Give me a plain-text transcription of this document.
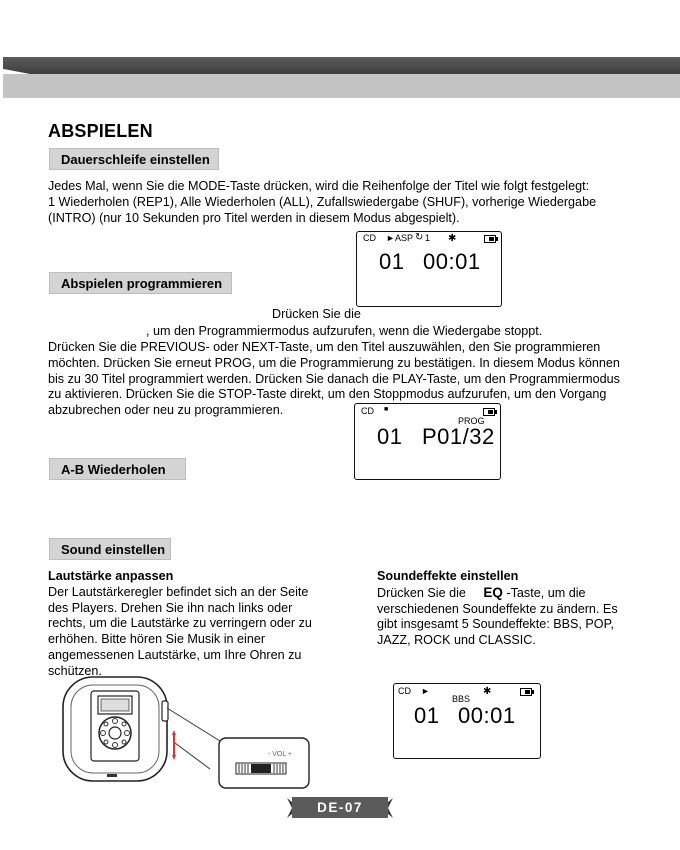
ABSPIELEN
Dauerschleife einstellen
Jedes Mal, wenn Sie die MODE-Taste drücken, wird die Reihenfolge der Titel wie folgt festgelegt:
1 Wiederholen (REP1), Alle Wiederholen (ALL), Zufallswiedergabe (SHUF), vorherige Wiedergabe
(INTRO) (nur 10 Sekunden pro Titel werden in diesem Modus abgespielt).
CD ► ASP ↻ 1 ✱
01 00:01
Abspielen programmieren
Drücken Sie die
, um den Programmiermodus aufzurufen, wenn die Wiedergabe stoppt.
Drücken Sie die PREVIOUS- oder NEXT-Taste, um den Titel auszuwählen, den Sie programmieren
möchten. Drücken Sie erneut PROG, um die Programmierung zu bestätigen. In diesem Modus können
bis zu 30 Titel programmiert werden. Drücken Sie danach die PLAY-Taste, um den Programmiermodus
zu aktivieren. Drücken Sie die STOP-Taste direkt, um den Stoppmodus aufzurufen, um den Vorgang
abzubrechen oder neu zu programmieren.	CD ■
PROG
01 P01/32
A-B Wiederholen
Sound einstellen
Lautstärke anpassen
Der Lautstärkeregler befindet sich an der Seite
des Players. Drehen Sie ihn nach links oder
rechts, um die Lautstärke zu verringern oder zu
erhöhen. Bitte hören Sie Musik in einer
angemessenen Lautstärke, um Ihre Ohren zu
schützen.
Soundeffekte einstellen
Drücken Sie die EQ -Taste, um die
verschiedenen Soundeffekte zu ändern. Es
gibt insgesamt 5 Soundeffekte: BBS, POP,
JAZZ, ROCK und CLASSIC.
- VOL +
CD ►
BBS
✱
01 00:01
DE-07
